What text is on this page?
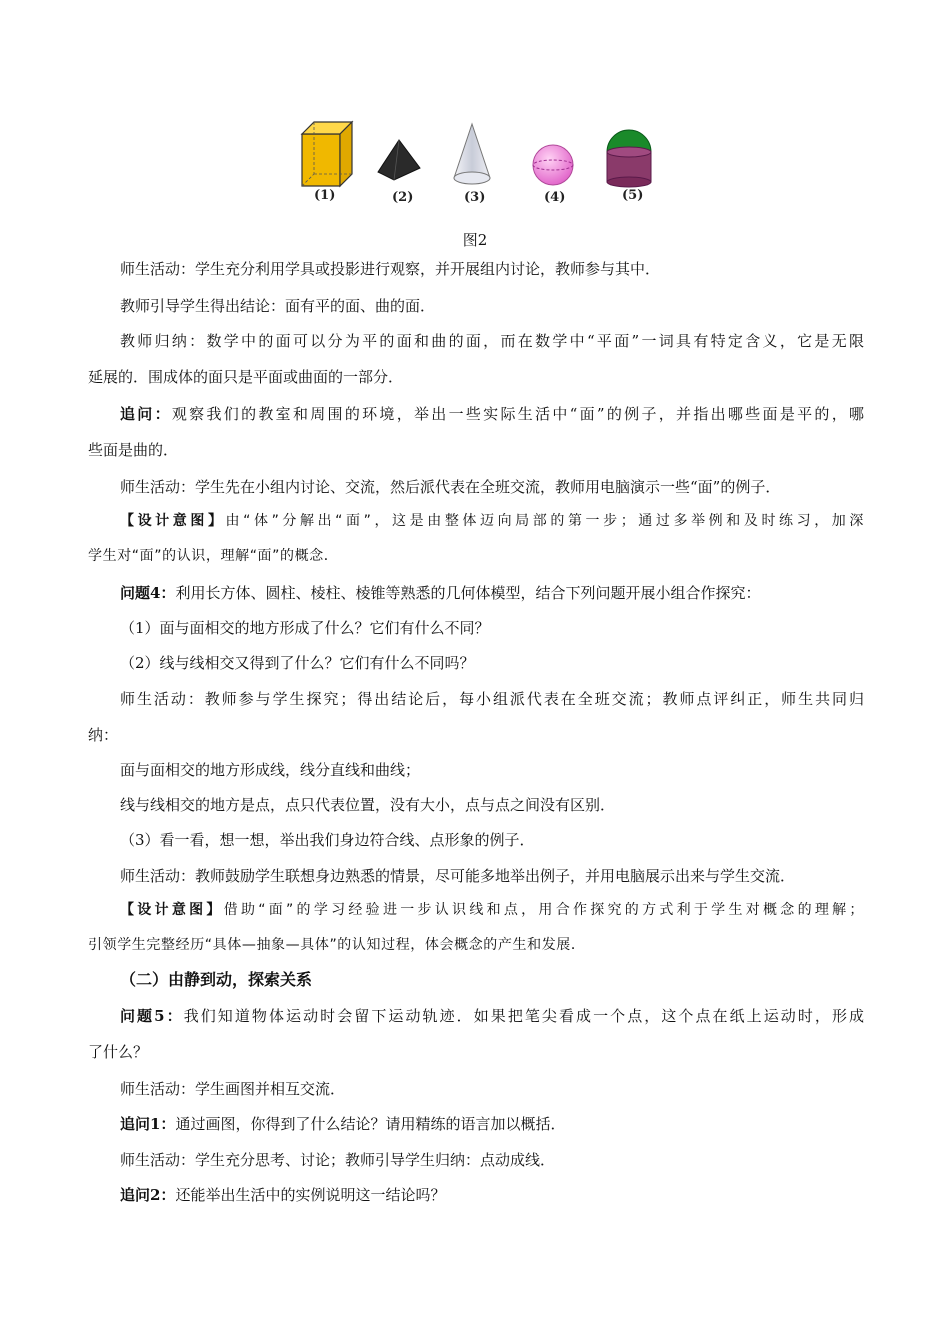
(1)	(2)	(3)	(4)	(5)
图2
师生活动：学生充分利用学具或投影进行观察，并开展组内讨论，教师参与其中．
教师引导学生得出结论：面有平的面、曲的面．
教师归纳：数学中的面可以分为平的面和曲的面，而在数学中“平面”一词具有特定含义，它是无限
延展的．围成体的面只是平面或曲面的一部分．
追问：观察我们的教室和周围的环境，举出一些实际生活中“面”的例子，并指出哪些面是平的，哪
些面是曲的．
师生活动：学生先在小组内讨论、交流，然后派代表在全班交流，教师用电脑演示一些“面”的例子．
【设计意图】由“体”分解出“面”，这是由整体迈向局部的第一步；通过多举例和及时练习，加深
学生对“面”的认识，理解“面”的概念．
问题4：利用长方体、圆柱、棱柱、棱锥等熟悉的几何体模型，结合下列问题开展小组合作探究：
（1）面与面相交的地方形成了什么？它们有什么不同？
（2）线与线相交又得到了什么？它们有什么不同吗？
师生活动：教师参与学生探究；得出结论后，每小组派代表在全班交流；教师点评纠正，师生共同归
纳：
面与面相交的地方形成线，线分直线和曲线；
线与线相交的地方是点，点只代表位置，没有大小，点与点之间没有区别．
（3）看一看，想一想，举出我们身边符合线、点形象的例子．
师生活动：教师鼓励学生联想身边熟悉的情景，尽可能多地举出例子，并用电脑展示出来与学生交流．
【设计意图】借助“面”的学习经验进一步认识线和点，用合作探究的方式利于学生对概念的理解；
引领学生完整经历“具体—抽象—具体”的认知过程，体会概念的产生和发展．
（二）由静到动，探索关系
问题5：我们知道物体运动时会留下运动轨迹．如果把笔尖看成一个点，这个点在纸上运动时，形成
了什么？
师生活动：学生画图并相互交流．
追问1：通过画图，你得到了什么结论？请用精练的语言加以概括．
师生活动：学生充分思考、讨论；教师引导学生归纳：点动成线．
追问2：还能举出生活中的实例说明这一结论吗？
